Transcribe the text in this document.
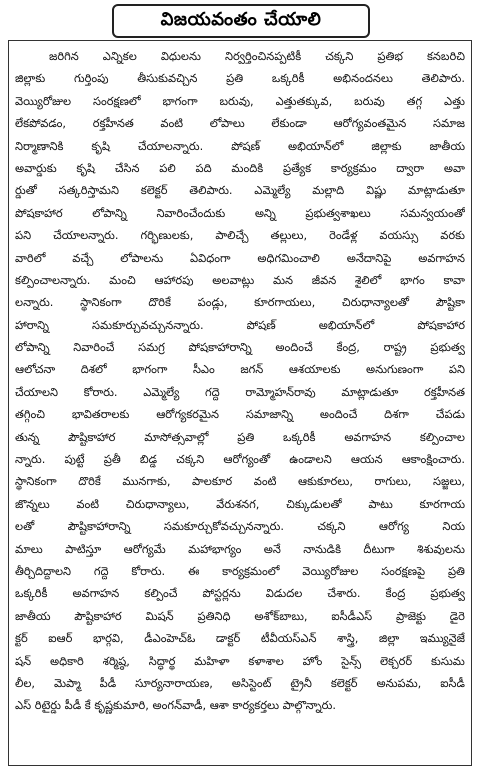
విజయవంతం చేయాలి
జరిగిన ఎన్నికల విధులను నిర్వర్తించినప్పటికీ చక్కని ప్రతిభ కనబరిచి
జిల్లాకు	గుర్తింపు	తీసుకువచ్చిన	ప్రతి	ఒక్కరికీ	అభినందనలు	తెలిపారు.
వెయ్యిరోజుల సంరక్షణలో భాగంగా బరువు, ఎత్తుతక్కువ, బరువు తగ్గ ఎత్తు
లేకపోవడం, రక్తహీనత వంటి లోపాలు లేకుండా ఆరోగ్యవంతమైన సమాజ
నిర్మాణానికి కృషి చేయాలన్నారు. పోషణ్ అభియాన్‌లో జిల్లాకు జాతీయ
అవార్డుకు కృషి చేసిన పలి పది మందికి ప్రత్యేక కార్యక్రమం ద్వారా అవా
ర్డుతో సత్కరిస్తామని కలెక్టర్ తెలిపారు. ఎమ్మెల్యే మల్లాది విష్ణు మాట్లాడుతూ
పోషకాహార	లోపాన్ని	నివారించేందుకు	అన్ని	ప్రభుత్వశాఖలు	సమన్వయంతో
పని చేయాలన్నారు. గర్భిణులకు, పాలిచ్చే తల్లులు, రెండేళ్ల వయస్సు వరకు
వారిలో వచ్చే లోపాలను ఏవిధంగా అధిగమించాలి అనేదానిపై అవగాహన
కల్పించాలన్నారు. మంచి ఆహారపు అలవాట్లు మన జీవన శైలిలో భాగం కావా
లన్నారు. స్థానికంగా దొరికే పండ్లు, కూరగాయలు, చిరుధాన్యాలతో పౌష్టికా
హారాన్ని	సమకూర్చువచ్చునన్నారు.	పోషణ్	అభియాన్‌లో	పోషకాహార
లోపాన్ని నివారించే సమగ్ర పోషకాహారాన్ని అందించే కేంద్ర, రాష్ట్ర ప్రభుత్వ
ఆలోచనా దిశలో భాగంగా సీఎం జగన్ ఆశయాలకు అనుగుణంగా పని
చేయాలని కోరారు. ఎమ్మెల్యే గద్దె రామ్మోహన్‌రావు మాట్లాడుతూ రక్తహీనత
తగ్గించి భావితరాలకు ఆరోగ్యకరమైన సమాజాన్ని అందించే దిశగా చేపడు
తున్న	పౌష్టికాహార	మాసోత్సవాల్లో	ప్రతి	ఒక్కరికీ	అవగాహన	కల్పించాల
న్నారు. పుట్టే ప్రతీ బిడ్డ చక్కని ఆరోగ్యంతో ఉండాలని ఆయన ఆకాంక్షించారు.
స్థానికంగా దొరికే మునగాకు, పాలకూర వంటి ఆకుకూరలు, రాగులు, సజ్జలు,
జొన్నలు వంటి చిరుధాన్యాలు, వేరుశనగ, చిక్కుడులతో పాటు కూరగాయ
లతో	పౌష్టికాహారాన్ని	సమకూర్చుకోవచ్చునన్నారు.	చక్కని	ఆరోగ్య	నియ
మాలు పాటిస్తూ ఆరోగ్యమే మహాభాగ్యం అనే నానుడికి దీటుగా శిశువులను
తీర్చిదిద్దాలని గద్దె కోరారు. ఈ కార్యక్రమంలో వెయ్యిరోజుల సంరక్షణపై ప్రతి
ఒక్కరికీ అవగాహన కల్పించే పోస్టర్లను విడుదల చేశారు. కేంద్ర ప్రభుత్వ
జాతీయ పౌష్టికాహార మిషన్ ప్రతినిధి అశోక్‌బాబు, ఐసీడీఎస్ ప్రాజెక్టు డైరె
క్టర్ ఐఆర్ భార్గవి, డీఎంహెచ్ఓ డాక్టర్ టీవీయస్ఎన్ శాస్త్రి, జిల్లా ఇమ్యునైజే
షన్ అధికారి శర్మిష్ఠ, సిద్ధార్థ మహిళా కళాశాల హోం సైన్స్ లెక్చరర్ కుసుమ
లీల, మెప్మా పీడీ సూర్యనారాయణ, అసిస్టెంట్ ట్రైనీ కలెక్టర్ అనుపమ, ఐసీడీ
ఎస్ రిటైర్డు పీడీ కే కృష్ణకుమారి, అంగన్‌వాడీ, ఆశా కార్యకర్తలు పాల్గొన్నారు.
